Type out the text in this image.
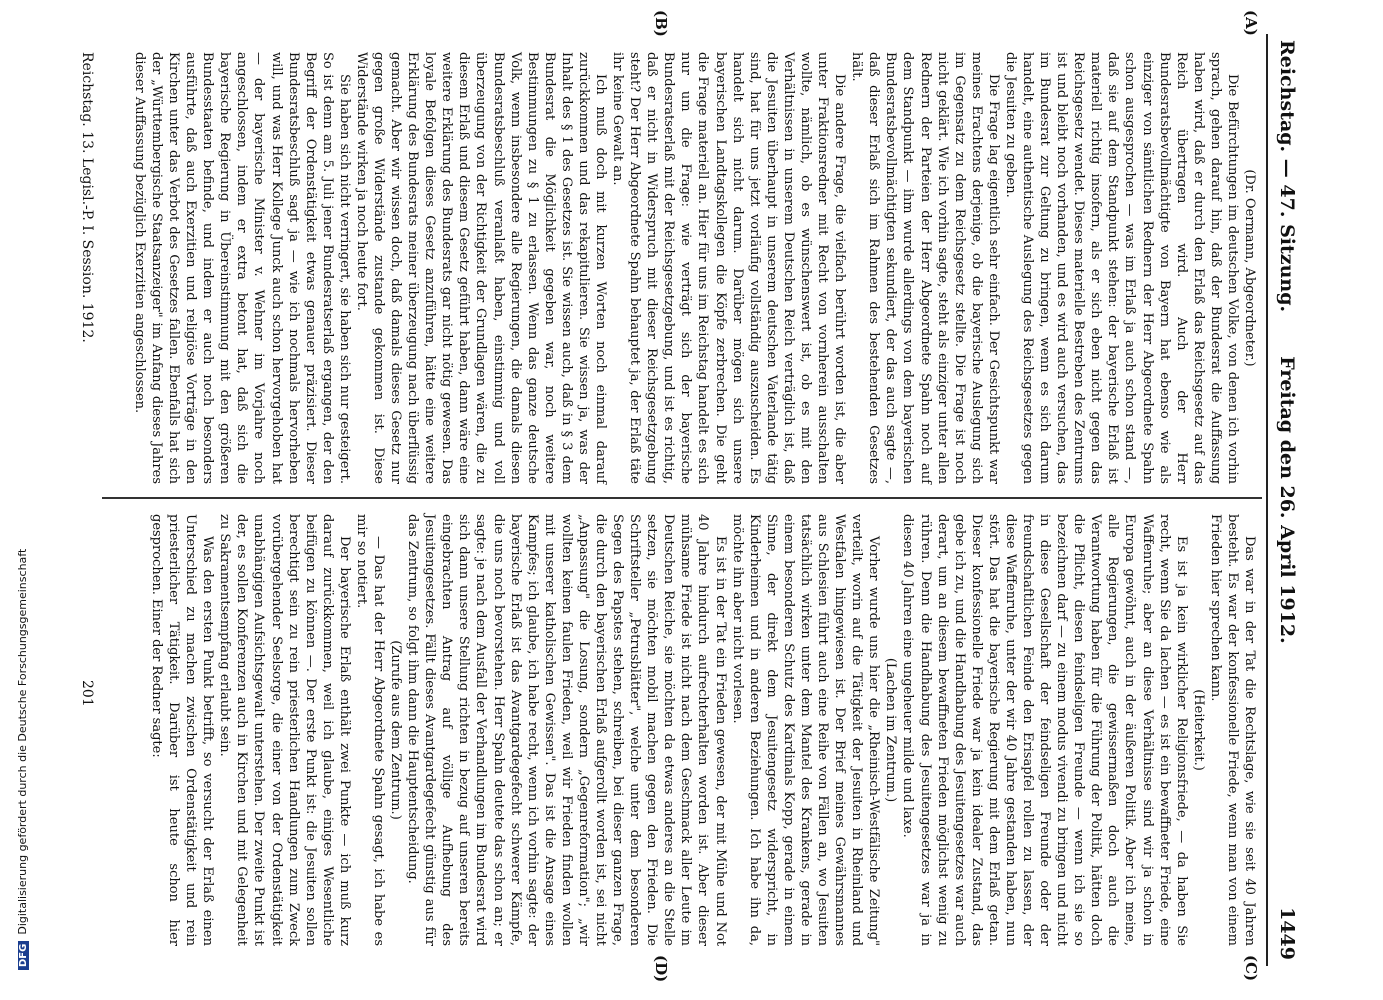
Reichstag. — 47. Sitzung.
Freitag den 26. April 1912.
1449
(A)
(B)
(C)
(D)

(Dr. Oermann, Abgeordneter.)

Die Befürchtungen im deutschen Volke, von denen ich vorhin sprach, gehen darauf hin, daß der Bundesrat die Auffassung haben wird, daß er durch den Erlaß das Reichsgesetz auf das Reich übertragen wird. Auch der Herr Bundesratsbevollmächtigte von Bayern hat ebenso wie als einziger von sämtlichen Rednern der Herr Abgeordnete Spahn schon ausgesprochen — was im Erlaß ja auch schon stand —, daß sie auf dem Standpunkt stehen: der bayerische Erlaß ist materiell richtig insofern, als er sich eben nicht gegen das Reichsgesetz wendet. Dieses materielle Bestreben des Zentrums ist und bleibt noch vorhanden, und es wird auch versuchen, das im Bundesrat zur Geltung zu bringen, wenn es sich darum handelt, eine authentische Auslegung des Reichsgesetzes gegen die Jesuiten zu geben.

Die Frage lag eigentlich sehr einfach. Der Gesichtspunkt war meines Erachtens derjenige, ob die bayerische Auslegung sich im Gegensatz zu dem Reichsgesetz stellte. Die Frage ist noch nicht geklärt. Wie ich vorhin sagte, steht als einziger unter allen Rednern der Parteien der Herr Abgeordnete Spahn noch auf dem Standpunkt — ihm wurde allerdings von dem bayerischen Bundesratsbevollmächtigten sekundiert, der das auch sagte —, daß dieser Erlaß sich im Rahmen des bestehenden Gesetzes hält.

Die andere Frage, die vielfach berührt worden ist, die aber unter Fraktionsredner mit Recht von vornherein ausschalten wollte, nämlich, ob es wünschenswert ist, ob es mit den Verhältnissen in unserem Deutschen Reich verträglich ist, daß die Jesuiten überhaupt in unserem deutschen Vaterlande tätig sind, hat für uns jetzt vorläufig vollständig auszuscheiden. Es handelt sich nicht darum. Darüber mögen sich unsere bayerischen Landtagskollegen die Köpfe zerbrechen. Die geht die Frage materiell an. Hier für uns im Reichstag handelt es sich nur um die Frage: wie verträgt sich der bayerische Bundesratserlaß mit der Reichsgesetzgebung, und ist es richtig, daß er nicht in Widerspruch mit dieser Reichsgesetzgebung steht? Der Herr Abgeordnete Spahn behauptet ja, der Erlaß täte ihr keine Gewalt an.

Ich muß doch mit kurzen Worten noch einmal darauf zurückkommen und das rekapitulieren. Sie wissen ja, was der Inhalt des § 1 des Gesetzes ist. Sie wissen auch, daß in § 3 dem Bundesrat die Möglichkeit gegeben war, noch weitere Bestimmungen zu § 1 zu erlassen. Wenn das ganze deutsche Volk, wenn insbesondere alle Regierungen, die damals diesen Bundesratsbeschluß veranlaßt haben, einstimmig und voll überzeugung von der Richtigkeit der Grundlagen wären, die zu diesem Erlaß und diesem Gesetz geführt haben, dann wäre eine weitere Erklärung des Bundesrats gar nicht nötig gewesen. Das loyale Befolgen dieses Gesetz anzuführen, hätte eine weitere Erklärung des Bundesrats meiner überzeugung nach überflüssig gemacht. Aber wir wissen doch, daß damals dieses Gesetz nur gegen große Widerstände zustande gekommen ist. Diese Widerstände wirken ja noch heute fort.

Sie haben sich nicht verringert, sie haben sich nur gesteigert. So ist denn am 5. Juli jener Bundesratserlaß ergangen, der den Begriff der Ordenstätigkeit etwas genauer präzisiert. Dieser Bundesratsbeschluß sagt ja — wie ich nochmals hervorheben will, und was Herr Kollege Junck auch schon hervorgehoben hat — der bayerische Minister v. Wehner im Vorjahre noch angeschlossen, indem er extra betont hat, daß sich die bayerische Regierung in Übereinstimmung mit den größeren Bundesstaaten befinde, und indem er auch noch besonders ausführte, daß auch Exerzitien und religiöse Vorträge in den Kirchen unter das Verbot des Gesetzes fallen. Ebenfalls hat sich der „Württembergische Staatsanzeiger" im Anfang dieses Jahres dieser Auffassung bezüglich Exerzitien angeschlossen.

Das war in der Tat die Rechtslage, wie sie seit 40 Jahren besteht. Es war der konfessionelle Friede, wenn man von einem Frieden hier sprechen kann.

(Heiterkeit.)

Es ist ja kein wirklicher Religionsfriede, — da haben Sie recht, wenn Sie da lachen — es ist ein bewaffneter Friede, eine Waffenruhe; aber an diese Verhältnisse sind wir ja schon in Europa gewöhnt, auch in der äußeren Politik. Aber ich meine, alle Regierungen, die gewissermaßen doch auch die Verantwortung haben für die Führung der Politik, hätten doch die Pflicht, diesen feindseligen Freunde — wenn ich sie so bezeichnen darf — zu einem modus vivendi zu bringen und nicht in diese Gesellschaft der feindseligen Freunde oder der freundschaftlichen Feinde den Erisapfel rollen zu lassen, der diese Waffenruhe, unter der wir 40 Jahre gestanden haben, nun stört. Das hat die bayerische Regierung mit dem Erlaß getan. Dieser konfessionelle Friede war ja kein idealer Zustand, das gebe ich zu, und die Handhabung des Jesuitengesetzes war auch derart, um an diesem bewaffneten Frieden möglichst wenig zu rühren. Denn die Handhabung des Jesuitengesetzes war ja in diesen 40 Jahren eine ungeheuer milde und laxe.

(Lachen im Zentrum.)

Vorher wurde uns hier die „Rheinisch-Westfälische Zeitung" verteilt, worin auf die Tätigkeit der Jesuiten in Rheinland und Westfalen hingewiesen ist. Der Brief meines Gewährsmannes aus Schlesien führt auch eine Reihe von Fällen an, wo Jesuiten tatsächlich wirken unter dem Mantel des Krankens, gerade in einem besonderen Schutz des Kardinals Kopp, gerade in einem Sinne, der direkt dem Jesuitengesetz widerspricht, in Kinderheimen und in anderen Beziehungen. Ich habe ihn da, möchte ihn aber nicht vorlesen.

Es ist in der Tat ein Frieden gewesen, der mit Mühe und Not 40 Jahre hindurch aufrechterhalten worden ist. Aber dieser mühsame Friede ist nicht nach dem Geschmack aller Leute im Deutschen Reiche, sie möchten da etwas anderes an die Stelle setzen, sie möchten mobil machen gegen den Frieden. Die Schriftsteller „Petrusblätter", welche unter dem besonderen Segen des Papstes stehen, schreiben, bei dieser ganzen Frage, die durch den bayerischen Erlaß aufgerollt worden ist, sei nicht „Anpassung" die Losung, sondern „Gegenreformation"; „wir wollten keinen faulen Frieden, weil wir Frieden finden wollen mit unserer katholischen Gewissen". Das ist die Ansage eines Kampfes; ich glaube, ich habe recht, wenn ich vorhin sagte: der bayerische Erlaß ist das Avantgardegefecht schwerer Kämpfe, die uns noch bevorstehen. Herr Spahn deutete das schon an; er sagte: je nach dem Ausfall der Verhandlungen im Bundesrat wird sich dann unsere Stellung richten in bezug auf unseren bereits eingebrachten Antrag auf völlige Aufhebung des Jesuitengesetzes. Fällt dieses Avantgardegefecht günstig aus für das Zentrum, so folgt ihm dann die Hauptentscheidung.

(Zurufe aus dem Zentrum.)

— Das hat der Herr Abgeordnete Spahn gesagt, ich habe es mir so notiert.

Der bayerische Erlaß enthält zwei Punkte — ich muß kurz darauf zurückkommen, weil ich glaube, einiges Wesentliche beifügen zu können —. Der erste Punkt ist: die Jesuiten sollen berechtigt sein zu rein priesterlichen Handlungen zum Zweck vorübergehender Seelsorge, die einer von der Ordenstätigkeit unabhängigen Aufsichtsgewalt unterstehen. Der zweite Punkt ist der, es sollen Konferenzen auch in Kirchen und mit Gelegenheit zu Sakramentsempfang erlaubt sein.

Was den ersten Punkt betrifft, so versucht der Erlaß einen Unterschied zu machen zwischen Ordenstätigkeit und rein priesterlicher Tätigkeit. Darüber ist heute schon hier gesprochen. Einer der Redner sagte:

Reichstag. 13. Legisl.-P. I. Session. 1912.
201
DFGDigitalisierung gefördert durch die Deutsche Forschungsgemeinschaft
